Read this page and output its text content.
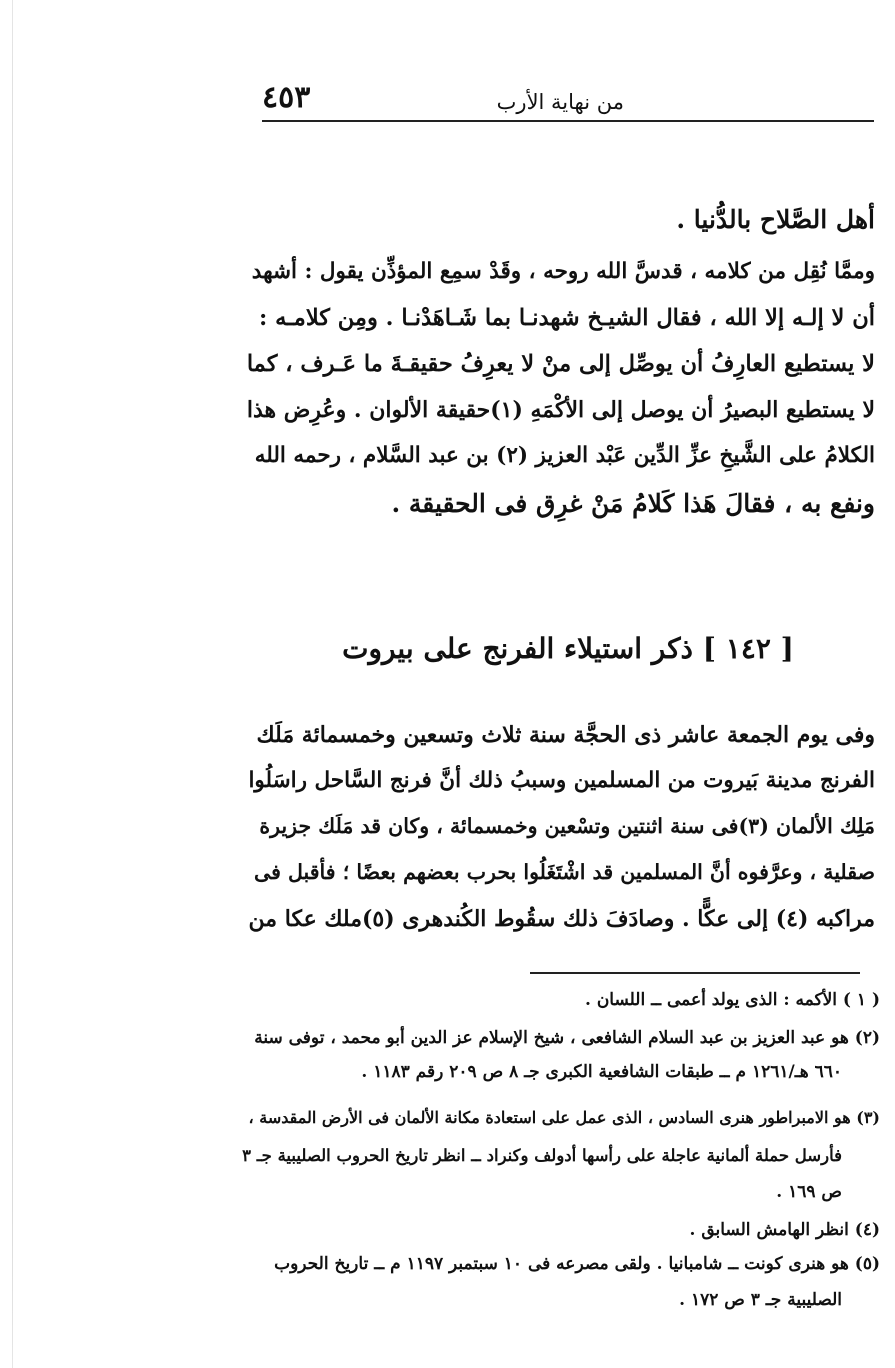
من نهاية الأرب
٤٥٣
أهل الصَّلاح بالدُّنيا .
وممَّا نُقِل من كلامه ، قدسَّ الله روحه ، وقَدْ سمِع المؤذِّن يقول : أشهد
أن لا إلـه إلا الله ، فقال الشيـخ شهدنـا بما شَـاهَدْنـا . ومِن كلامـه :
لا يستطيع العارِفُ أن يوصِّل إلى منْ لا يعرِفُ حقيقـةَ ما عَـرف ، كما
لا يستطيع البصيرُ أن يوصل إلى الأكْمَهِ (١)حقيقة الألوان . وعُرِض هذا
الكلامُ على الشَّيخِ عزِّ الدِّين عَبْد العزيز (٢) بن عبد السَّلام ، رحمه الله
ونفع به ، فقالَ هَذا كَلامُ مَنْ غرِق فى الحقيقة .
[ ١٤٢ ] ذكر استيلاء الفرنج على بيروت
وفى يوم الجمعة عاشر ذى الحجَّة سنة ثلاث وتسعين وخمسمائة مَلَك
الفرنج مدينة بَيروت من المسلمين وسببُ ذلك أنَّ فرنج السَّاحل راسَلُوا
مَلِك الألمان (٣)فى سنة اثنتين وتسْعين وخمسمائة ، وكان قد مَلَك جزيرة
صقلية ، وعرَّفوه أنَّ المسلمين قد اشْتَغَلُوا بحرب بعضهم بعضًا ؛ فأقبل فى
مراكبه (٤) إلى عكًّا . وصادَفَ ذلك سقُوط الكُندهرى (٥)ملك عكا من
( ١ ) الأكمه : الذى يولد أعمى ــ اللسان .
(٢) هو عبد العزيز بن عبد السلام الشافعى ، شيخ الإسلام عز الدين أبو محمد ، توفى سنة
٦٦٠ هـ/١٢٦١ م ــ طبقات الشافعية الكبرى جـ ٨ ص ٢٠٩ رقم ١١٨٣ .
(٣) هو الامبراطور هنرى السادس ، الذى عمل على استعادة مكانة الألمان فى الأرض المقدسة ،
فأرسل حملة ألمانية عاجلة على رأسها أدولف وكنراد ــ انظر تاريخ الحروب الصليبية جـ ٣
ص ١٦٩ .
(٤) انظر الهامش السابق .
(٥) هو هنرى كونت ــ شامبانيا . ولقى مصرعه فى ١٠ سبتمبر ١١٩٧ م ــ تاريخ الحروب
الصليبية جـ ٣ ص ١٧٢ .
